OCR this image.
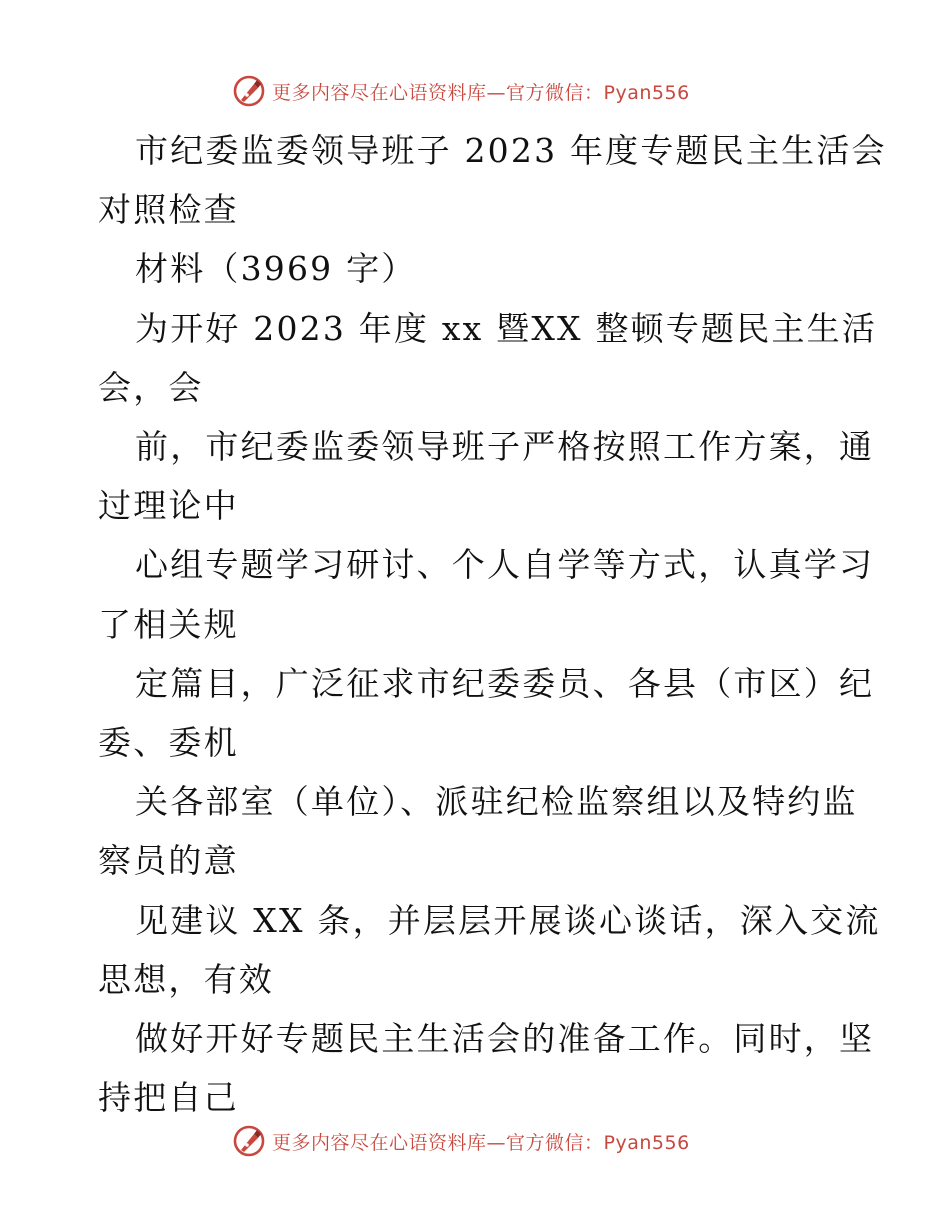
更多内容尽在心语资料库—官方微信：Pyan556
市纪委监委领导班子 2023 年度专题民主生活会
对照检查
材料（3969 字）
为开好 2023 年度 xx 暨XX 整顿专题民主生活
会，会
前，市纪委监委领导班子严格按照工作方案，通
过理论中
心组专题学习研讨、个人自学等方式，认真学习
了相关规
定篇目，广泛征求市纪委委员、各县（市区）纪
委、委机
关各部室（单位）、派驻纪检监察组以及特约监
察员的意
见建议 XX 条，并层层开展谈心谈话，深入交流
思想，有效
做好开好专题民主生活会的准备工作。同时，坚
持把自己
更多内容尽在心语资料库—官方微信：Pyan556
